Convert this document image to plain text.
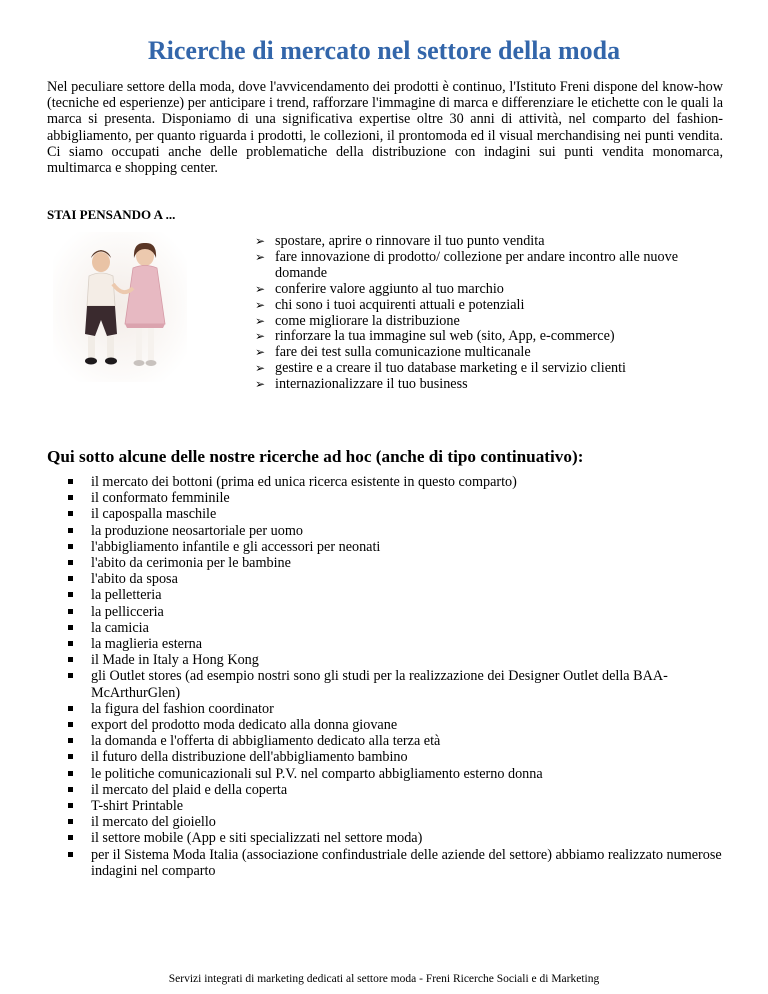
Ricerche di mercato nel settore della moda
Nel peculiare settore della moda, dove l'avvicendamento dei prodotti è continuo, l'Istituto Freni dispone del know-how (tecniche ed esperienze) per anticipare i trend, rafforzare l'immagine di marca e differenziare le etichette con le quali la marca si presenta. Disponiamo di una significativa expertise oltre 30 anni di attività, nel comparto del fashion-abbigliamento, per quanto riguarda i prodotti, le collezioni, il prontomoda ed il visual merchandising nei punti vendita. Ci siamo occupati anche delle problematiche della distribuzione con indagini sui punti vendita monomarca, multimarca e shopping center.
STAI PENSANDO A ...
➢ spostare, aprire o rinnovare il tuo punto vendita
➢ fare innovazione di prodotto/ collezione per andare incontro alle nuove domande
➢ conferire valore aggiunto al tuo marchio
➢ chi sono i tuoi acquirenti attuali e potenziali
➢ come migliorare la distribuzione
➢ rinforzare la tua immagine sul web (sito, App, e-commerce)
➢ fare dei test sulla comunicazione multicanale
➢ gestire e a creare il tuo database marketing e il servizio clienti
➢ internazionalizzare il tuo business
Qui sotto alcune delle nostre ricerche ad hoc (anche di tipo continuativo):
il mercato dei bottoni (prima ed unica ricerca esistente in questo comparto)
il conformato femminile
il capospalla maschile
la produzione neosartoriale per uomo
l'abbigliamento infantile e gli accessori per neonati
l'abito da cerimonia per le bambine
l'abito da sposa
la pelletteria
la pellicceria
la camicia
la maglieria esterna
il Made in Italy a Hong Kong
gli Outlet stores (ad esempio nostri sono gli studi per la realizzazione dei Designer Outlet della BAA-McArthurGlen)
la figura del fashion coordinator
export del prodotto moda dedicato alla donna giovane
la domanda e l'offerta di abbigliamento dedicato alla terza età
il futuro della distribuzione dell'abbigliamento bambino
le politiche comunicazionali sul P.V. nel comparto abbigliamento esterno donna
il mercato del plaid e della coperta
T-shirt Printable
il mercato del gioiello
il settore mobile (App e siti specializzati nel settore moda)
per il Sistema Moda Italia (associazione confindustriale delle aziende del settore) abbiamo realizzato numerose indagini nel comparto
Servizi integrati di marketing dedicati al settore moda - Freni Ricerche Sociali e di Marketing
